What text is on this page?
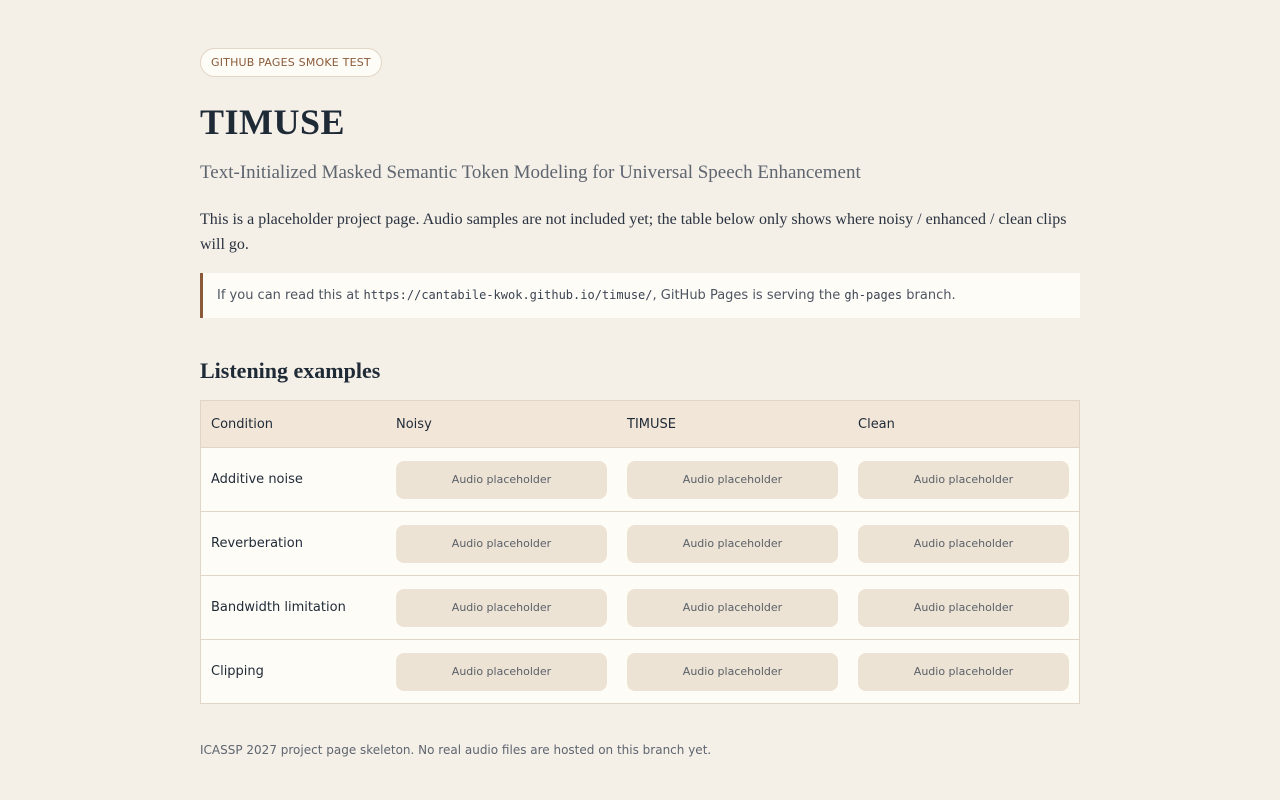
GITHUB PAGES SMOKE TEST
TIMUSE
Text-Initialized Masked Semantic Token Modeling for Universal Speech Enhancement
This is a placeholder project page. Audio samples are not included yet; the table below only shows where noisy / enhanced / clean clips will go.
If you can read this at https://cantabile-kwok.github.io/timuse/, GitHub Pages is serving the gh-pages branch.
Listening examples
Condition	Noisy	TIMUSE	Clean
Additive noise	Audio placeholder	Audio placeholder	Audio placeholder
Reverberation	Audio placeholder	Audio placeholder	Audio placeholder
Bandwidth limitation	Audio placeholder	Audio placeholder	Audio placeholder
Clipping	Audio placeholder	Audio placeholder	Audio placeholder
ICASSP 2027 project page skeleton. No real audio files are hosted on this branch yet.
